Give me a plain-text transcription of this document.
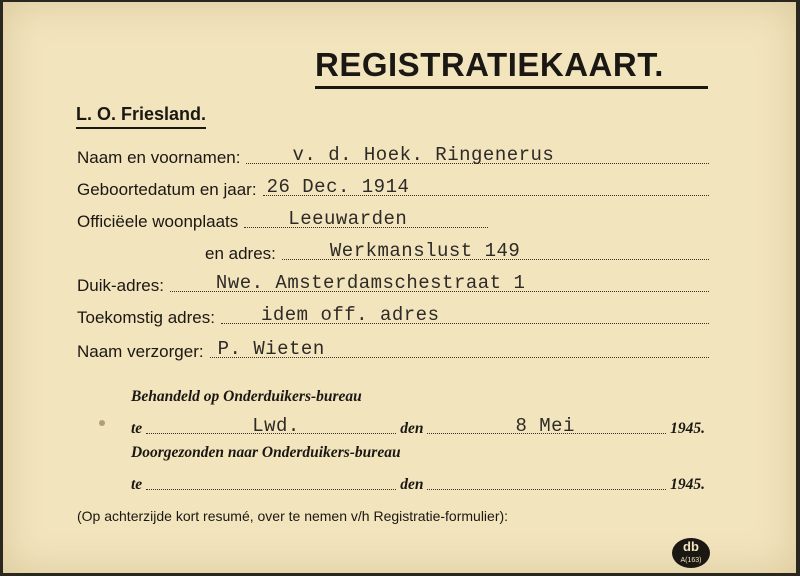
REGISTRATIEKAART.
L. O. Friesland.
Naam en voornamen:	v. d. Hoek. Ringenerus
Geboortedatum en jaar: 26 Dec. 1914
Officiëele woonplaats	Leeuwarden
en adres:	Werkmanslust 149
Duik-adres:	Nwe. Amsterdamschestraat 1
Toekomstig adres:	idem off. adres
Naam verzorger: P. Wieten
Behandeld op Onderduikers-bureau
te	Lwd.	den	8 Mei	1945.
Doorgezonden naar Onderduikers-bureau
te	den	1945.
(Op achterzijde kort resumé, over te nemen v/h Registratie-formulier):
db
A(163)
